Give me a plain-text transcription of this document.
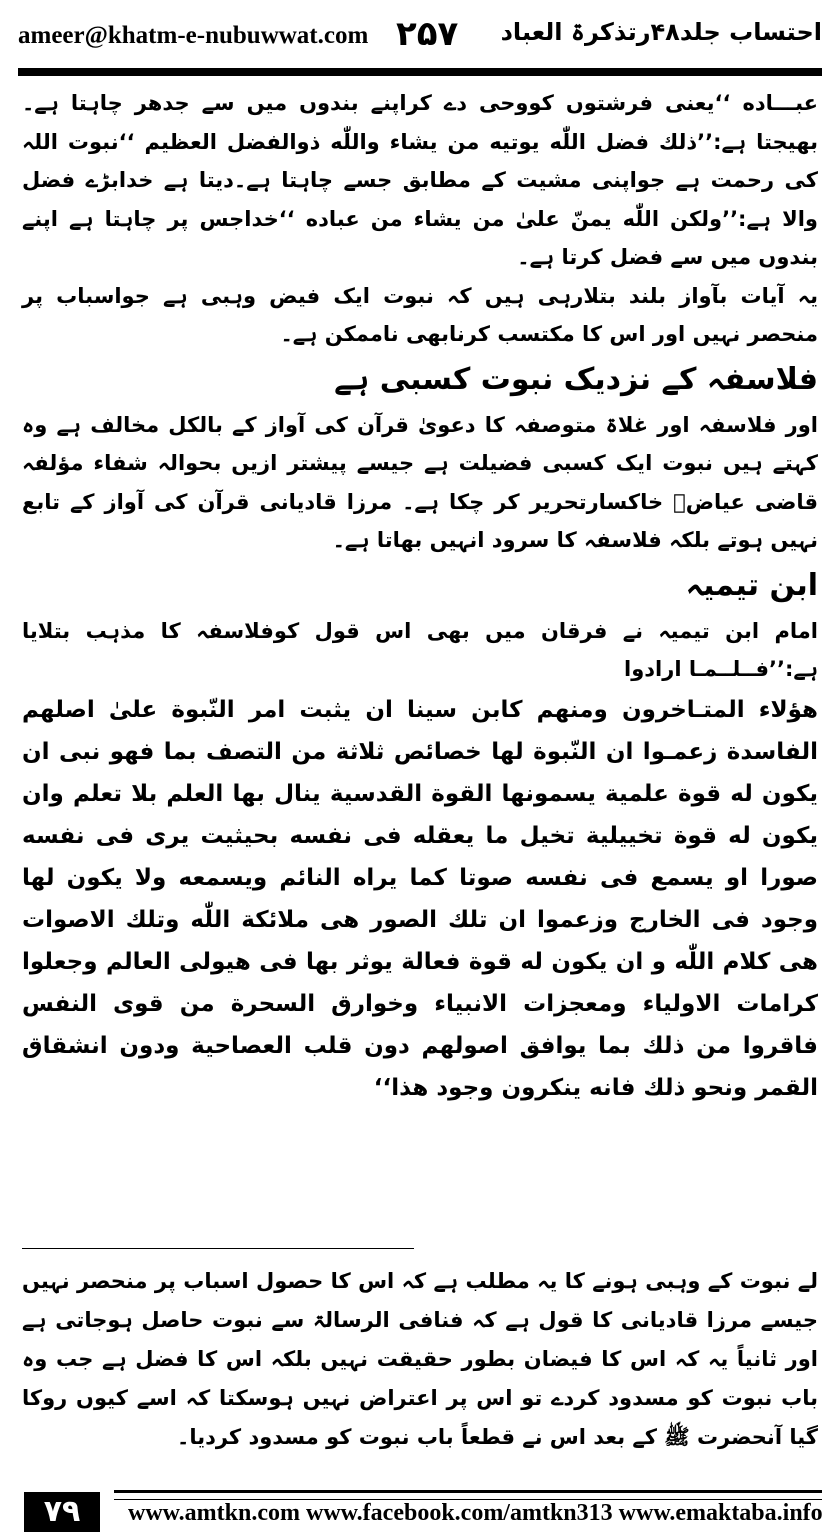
ameer@khatm-e-nubuwwat.com ۲۵۷ احتساب جلد۴۸رتذکرۃ العباد

عبـــاده ‘‘یعنی فرشتوں کووحی دے کراپنے بندوں میں سے جدھر چاہتا ہے۔بھیجتا ہے:’’ذلك فضل اللّٰه یوتیه من یشاء واللّٰه ذوالفضل العظیم ‘‘نبوت اللہ کی رحمت ہے جواپنی مشیت کے مطابق جسے چاہتا ہے۔دیتا ہے خدابڑے فضل والا ہے:’’ولكن اللّٰه یمنّ علیٰ من یشاء من عباده ‘‘خداجس پر چاہتا ہے اپنے بندوں میں سے فضل کرتا ہے۔

یہ آیات بآواز بلند بتلارہی ہیں کہ نبوت ایک فیض وہبی ہے جواسباب پر منحصر نہیں اور اس کا مکتسب کرنابھی ناممکن ہے۔

فلاسفہ کے نزدیک نبوت کسبی ہے

اور فلاسفہ اور غلاۃ متوصفہ کا دعویٰ قرآن کی آواز کے بالکل مخالف ہے وہ کہتے ہیں نبوت ایک کسبی فضیلت ہے جیسے پیشتر ازیں بحوالہ شفاء مؤلفہ قاضی عیاضؒ خاکسارتحریر کر چکا ہے۔ مرزا قادیانی قرآن کی آواز کے تابع نہیں ہوتے بلکہ فلاسفہ کا سرود انہیں بھاتا ہے۔

ابن تیمیہ

امام ابن تیمیہ نے فرقان میں بھی اس قول کوفلاسفہ کا مذہب بتلایا ہے:’’فــلــمـا ارادوا

هؤلاء المتـاخرون ومنهم كابن سینا ان یثبت امر النّبوة علیٰ اصلهم الفاسدة زعمـوا ان النّبوة لها خصائص ثلاثة من التصف بما فهو نبی ان یكون له قوة علمیة یسمونها القوة القدسیة ینال بها العلم بلا تعلم وان یكون له قوة تخییلیة تخیل ما یعقله فی نفسه بحیثیت یری فی نفسه صورا او یسمع فی نفسه صوتا كما یراه النائم ویسمعه ولا یكون لها وجود فی الخارج وزعموا ان تلك الصور هی ملائكة اللّٰه وتلك الاصوات هی كلام اللّٰه و ان یكون له قوة فعالة یوثر بها فی هیولی العالم وجعلوا كرامات الاولیاء ومعجزات الانبیاء وخوارق السحرة من قوی النفس فاقروا من ذلك بما یوافق اصولهم دون قلب العصاحیة ودون انشقاق القمر ونحو ذلك فانه ینكرون وجود هذا‘‘

لے نبوت کے وہبی ہونے کا یہ مطلب ہے کہ اس کا حصول اسباب پر منحصر نہیں جیسے مرزا قادیانی کا قول ہے کہ فنافی الرسالۃ سے نبوت حاصل ہوجاتی ہے اور ثانیاً یہ کہ اس کا فیضان بطور حقیقت نہیں بلکہ اس کا فضل ہے جب وہ باب نبوت کو مسدود کردے تو اس پر اعتراض نہیں ہوسکتا کہ اسے کیوں روکا گیا آنحضرت ﷺ کے بعد اس نے قطعاً باب نبوت کو مسدود کردیا۔
۷۹	www.amtkn.com www.facebook.com/amtkn313 www.emaktaba.info
